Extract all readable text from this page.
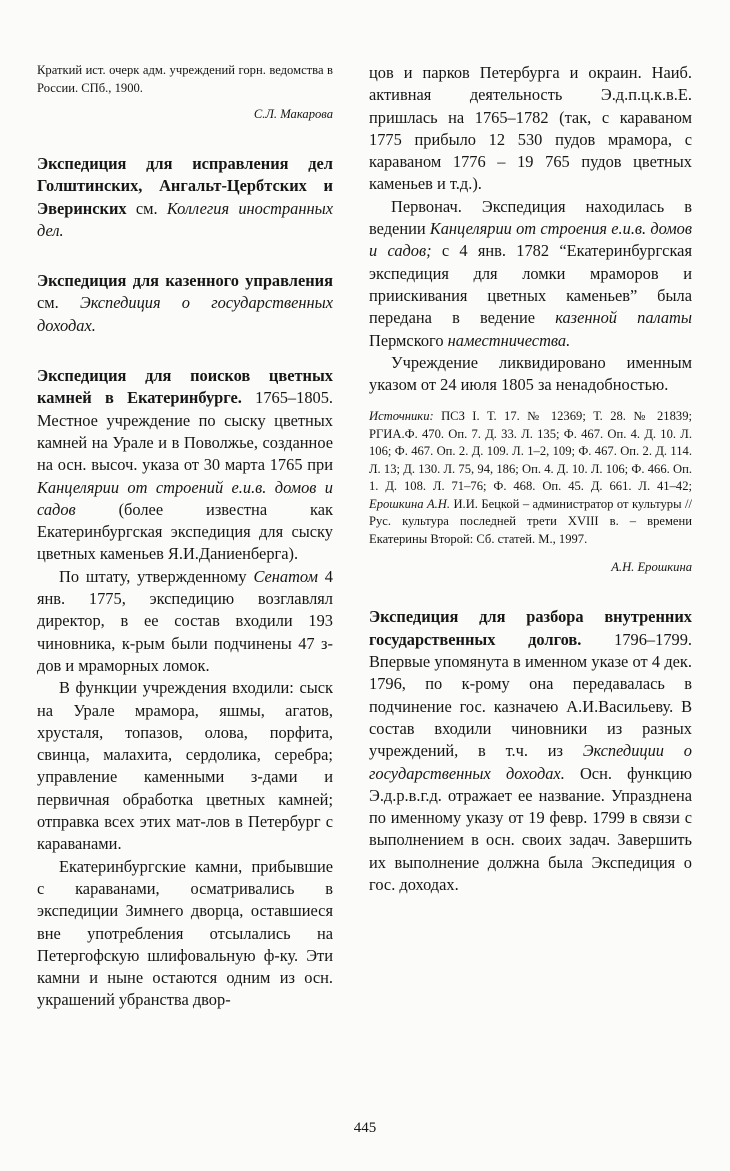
Краткий ист. очерк адм. учреждений горн. ведомства в России. СПб., 1900.

С.Л. Макарова

Экспедиция для исправления дел Голштинских, Ангальт-Цербтских и Эверинских см. Коллегия иностранных дел.

Экспедиция для казенного управления см. Экспедиция о государственных доходах.

Экспедиция для поисков цветных камней в Екатеринбурге. 1765–1805. Местное учреждение по сыску цветных камней на Урале и в Поволжье, созданное на осн. высоч. указа от 30 марта 1765 при Канцелярии от строений е.и.в. домов и садов (более известна как Екатеринбургская экспедиция для сыску цветных каменьев Я.И.Даниенберга).

По штату, утвержденному Сенатом 4 янв. 1775, экспедицию возглавлял директор, в ее состав входили 193 чиновника, к-рым были подчинены 47 з-дов и мраморных ломок.

В функции учреждения входили: сыск на Урале мрамора, яшмы, агатов, хрусталя, топазов, олова, порфита, свинца, малахита, сердолика, серебра; управление каменными з-дами и первичная обработка цветных камней; отправка всех этих мат-лов в Петербург с караванами.

Екатеринбургские камни, прибывшие с караванами, осматривались в экспедиции Зимнего дворца, оставшиеся вне употребления отсылались на Петергофскую шлифовальную ф-ку. Эти камни и ныне остаются одним из осн. украшений убранства двор-

цов и парков Петербурга и окраин. Наиб. активная деятельность Э.д.п.ц.к.в.Е. пришлась на 1765–1782 (так, с караваном 1775 прибыло 12 530 пудов мрамора, с караваном 1776 – 19 765 пудов цветных каменьев и т.д.).

Первонач. Экспедиция находилась в ведении Канцелярии от строения е.и.в. домов и садов; с 4 янв. 1782 “Екатеринбургская экспедиция для ломки мраморов и приискивания цветных каменьев” была передана в ведение казенной палаты Пермского наместничества.

Учреждение ликвидировано именным указом от 24 июля 1805 за ненадобностью.

Источники: ПСЗ I. Т. 17. № 12369; Т. 28. № 21839; РГИА.Ф. 470. Оп. 7. Д. 33. Л. 135; Ф. 467. Оп. 4. Д. 10. Л. 106; Ф. 467. Оп. 2. Д. 109. Л. 1–2, 109; Ф. 467. Оп. 2. Д. 114. Л. 13; Д. 130. Л. 75, 94, 186; Оп. 4. Д. 10. Л. 106; Ф. 466. Оп. 1. Д. 108. Л. 71–76; Ф. 468. Оп. 45. Д. 661. Л. 41–42; Ерошкина А.Н. И.И. Бецкой – администратор от культуры // Рус. культура последней трети XVIII в. – времени Екатерины Второй: Сб. статей. М., 1997.

А.Н. Ерошкина

Экспедиция для разбора внутренних государственных долгов. 1796–1799. Впервые упомянута в именном указе от 4 дек. 1796, по к-рому она передавалась в подчинение гос. казначею А.И.Васильеву. В состав входили чиновники из разных учреждений, в т.ч. из Экспедиции о государственных доходах. Осн. функцию Э.д.р.в.г.д. отражает ее название. Упразднена по именному указу от 19 февр. 1799 в связи с выполнением в осн. своих задач. Завершить их выполнение должна была Экспедиция о гос. доходах.

445
